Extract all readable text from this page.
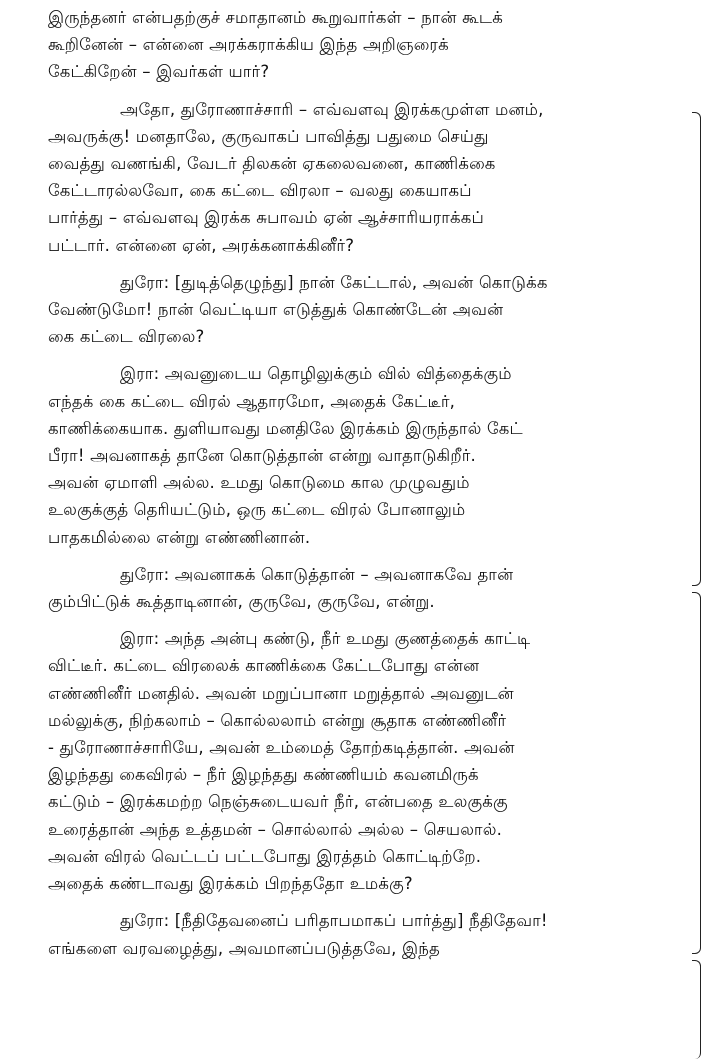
இருந்தனர் என்பதற்குச் சமாதானம் கூறுவார்கள் – நான் கூடக்
கூறினேன் – என்னை அரக்கராக்கிய இந்த அறிஞரைக்
கேட்கிறேன் – இவர்கள் யார்?
அதோ, துரோணாச்சாரி – எவ்வளவு இரக்கமுள்ள மனம்,
அவருக்கு! மனதாலே, குருவாகப் பாவித்து பதுமை செய்து
வைத்து வணங்கி, வேடர் திலகன் ஏகலைவனை, காணிக்கை
கேட்டாரல்லவோ, கை கட்டை விரலா – வலது கையாகப்
பார்த்து – எவ்வளவு இரக்க சுபாவம் ஏன் ஆச்சாரியராக்கப்
பட்டார். என்னை ஏன், அரக்கனாக்கினீர்?
துரோ: [துடித்தெழுந்து] நான் கேட்டால், அவன் கொடுக்க
வேண்டுமோ! நான் வெட்டியா எடுத்துக் கொண்டேன் அவன்
கை கட்டை விரலை?
இரா: அவனுடைய தொழிலுக்கும் வில் வித்தைக்கும்
எந்தக் கை கட்டை விரல் ஆதாரமோ, அதைக் கேட்டீர்,
காணிக்கையாக. துளியாவது மனதிலே இரக்கம் இருந்தால் கேட்
பீரா! அவனாகத் தானே கொடுத்தான் என்று வாதாடுகிறீர்.
அவன் ஏமாளி அல்ல. உமது கொடுமை கால முழுவதும்
உலகுக்குத் தெரியட்டும், ஒரு கட்டை விரல் போனாலும்
பாதகமில்லை என்று எண்ணினான்.
துரோ: அவனாகக் கொடுத்தான் – அவனாகவே தான்
கும்பிட்டுக் கூத்தாடினான், குருவே, குருவே, என்று.
இரா: அந்த அன்பு கண்டு, நீர் உமது குணத்தைக் காட்டி
விட்டீர். கட்டை விரலைக் காணிக்கை கேட்டபோது என்ன
எண்ணினீர் மனதில். அவன் மறுப்பானா மறுத்தால் அவனுடன்
மல்லுக்கு, நிற்கலாம் – கொல்லலாம் என்று சூதாக எண்ணினீர்
- துரோணாச்சாரியே, அவன் உம்மைத் தோற்கடித்தான். அவன்
இழந்தது கைவிரல் – நீர் இழந்தது கண்ணியம் கவனமிருக்
கட்டும் – இரக்கமற்ற நெஞ்சுடையவர் நீர், என்பதை உலகுக்கு
உரைத்தான் அந்த உத்தமன் – சொல்லால் அல்ல – செயலால்.
அவன் விரல் வெட்டப் பட்டபோது இரத்தம் கொட்டிற்றே.
அதைக் கண்டாவது இரக்கம் பிறந்ததோ உமக்கு?
துரோ: [நீதிதேவனைப் பரிதாபமாகப் பார்த்து] நீதிதேவா!
எங்களை வரவழைத்து, அவமானப்படுத்தவே, இந்த
